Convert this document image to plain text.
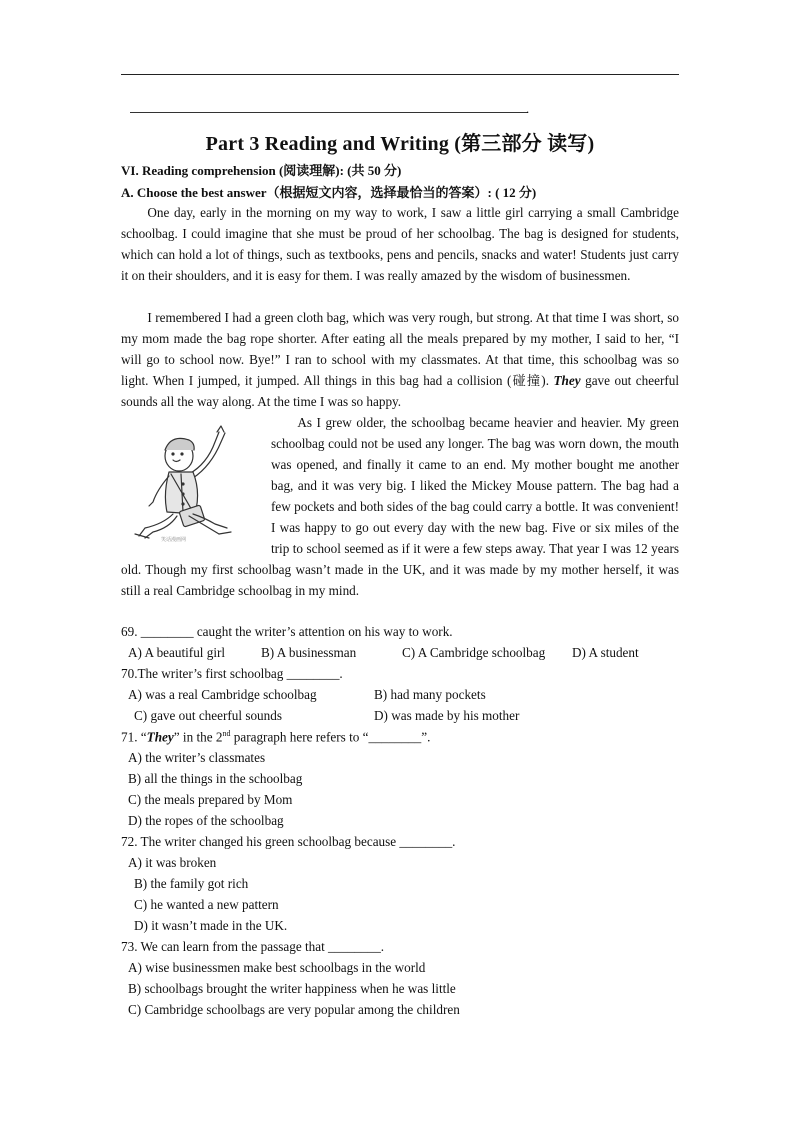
.
Part 3 Reading and Writing (第三部分 读写)
VI. Reading comprehension (阅读理解): (共 50 分)
A. Choose the best answer（根据短文内容，选择最恰当的答案）: ( 12 分)

One day, early in the morning on my way to work, I saw a little girl carrying a small Cambridge schoolbag. I could imagine that she must be proud of her schoolbag. The bag is designed for students, which can hold a lot of things, such as textbooks, pens and pencils, snacks and water! Students just carry it on their shoulders, and it is easy for them. I was really amazed by the wisdom of businessmen.

I remembered I had a green cloth bag, which was very rough, but strong. At that time I was short, so my mom made the bag rope shorter. After eating all the meals prepared by my mother, I said to her, “I will go to school now. Bye!” I ran to school with my classmates. At that time, this schoolbag was so light. When I jumped, it jumped. All things in this bag had a collision (碰撞). They gave out cheerful sounds all the way along. At the time I was so happy.

笑话漫画网
As I grew older, the schoolbag became heavier and heavier. My green schoolbag could not be used any longer. The bag was worn down, the mouth was opened, and finally it came to an end. My mother bought me another bag, and it was very big. I liked the Mickey Mouse pattern. The bag had a few pockets and both sides of the bag could carry a bottle. It was convenient! I was happy to go out every day with the new bag. Five or six miles of the trip to school seemed as if it were a few steps away. That year I was 12 years old. Though my first schoolbag wasn’t made in the UK, and it was made by my mother herself, it was still a real Cambridge schoolbag in my mind.

69. ________ caught the writer’s attention on his way to work.
A) A beautiful girl	B) A businessman	C) A Cambridge schoolbag D) A student
70.The writer’s first schoolbag ________.
A) was a real Cambridge schoolbag	B) had many pockets
C) gave out cheerful sounds	D) was made by his mother
71. “They” in the 2nd paragraph here refers to “________”.
A) the writer’s classmates
B) all the things in the schoolbag
C) the meals prepared by Mom
D) the ropes of the schoolbag
72. The writer changed his green schoolbag because ________.
A) it was broken
B) the family got rich
C) he wanted a new pattern
D) it wasn’t made in the UK.
73. We can learn from the passage that ________.
A) wise businessmen make best schoolbags in the world
B) schoolbags brought the writer happiness when he was little
C) Cambridge schoolbags are very popular among the children
